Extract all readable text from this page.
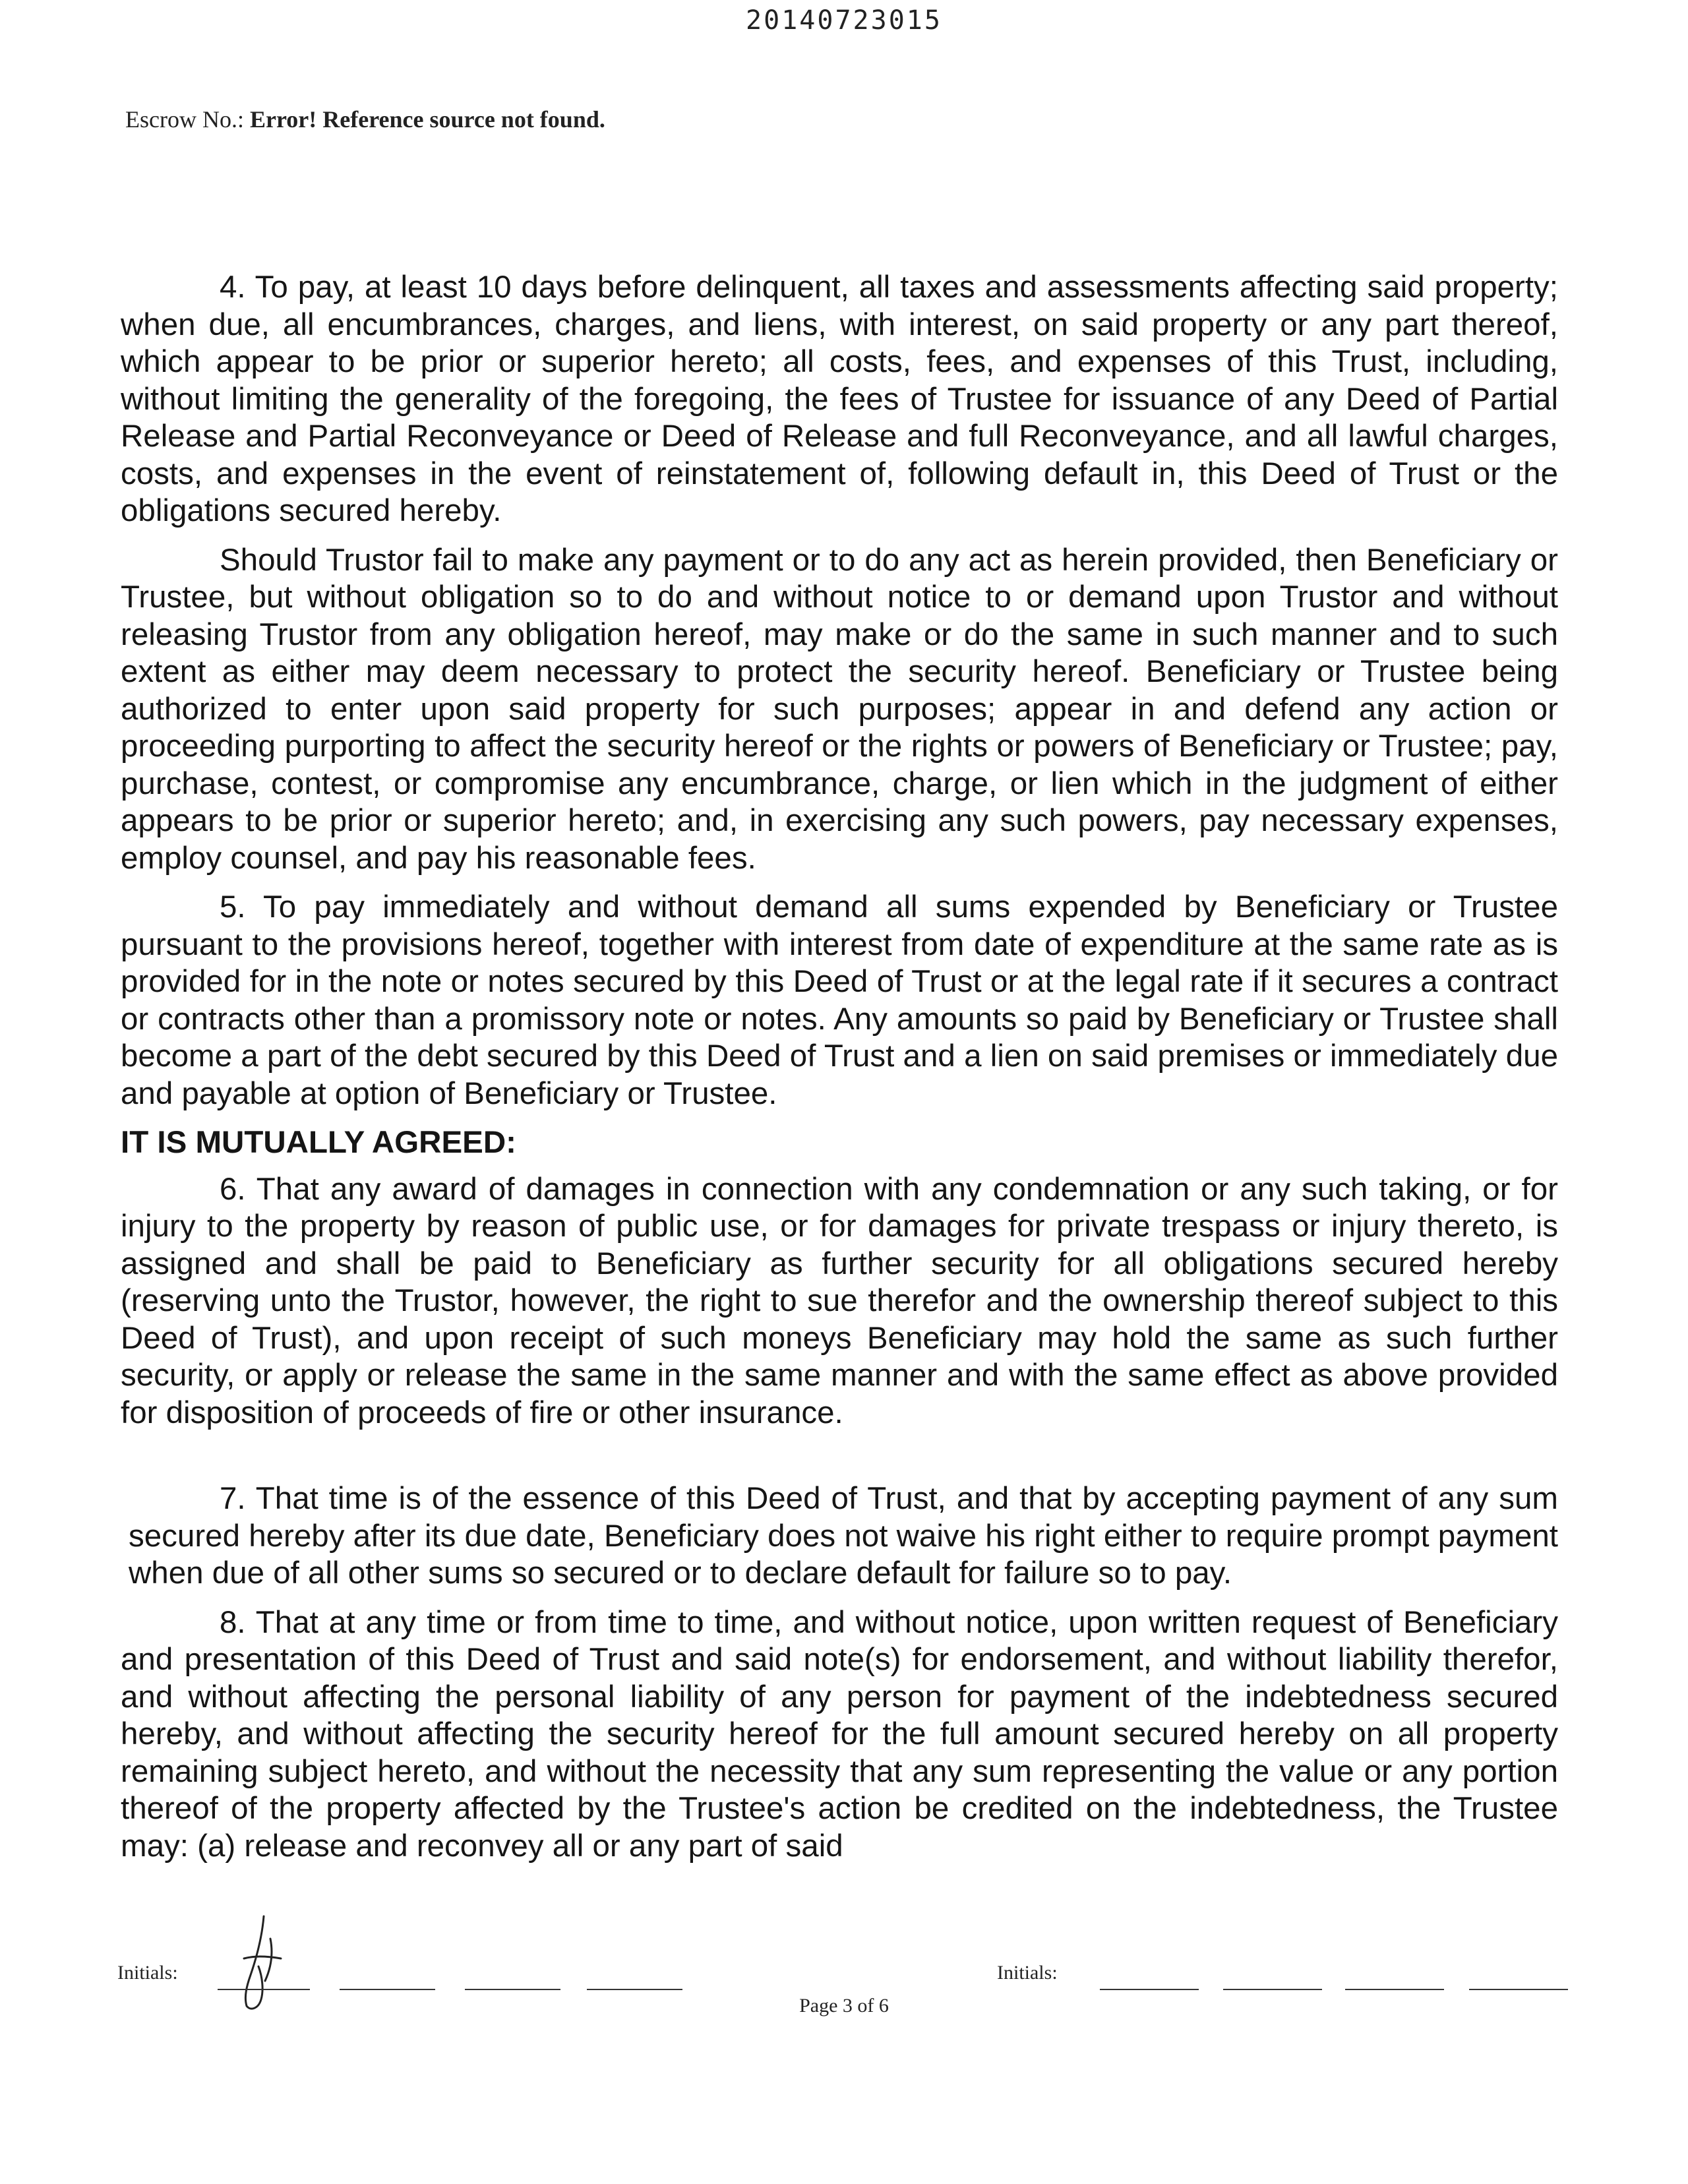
20140723015
Escrow No.: Error! Reference source not found.

4. To pay, at least 10 days before delinquent, all taxes and assessments affecting said property; when due, all encumbrances, charges, and liens, with interest, on said property or any part thereof, which appear to be prior or superior hereto; all costs, fees, and expenses of this Trust, including, without limiting the generality of the foregoing, the fees of Trustee for issuance of any Deed of Partial Release and Partial Reconveyance or Deed of Release and full Reconveyance, and all lawful charges, costs, and expenses in the event of reinstatement of, following default in, this Deed of Trust or the obligations secured hereby.

Should Trustor fail to make any payment or to do any act as herein provided, then Beneficiary or Trustee, but without obligation so to do and without notice to or demand upon Trustor and without releasing Trustor from any obligation hereof, may make or do the same in such manner and to such extent as either may deem necessary to protect the security hereof. Beneficiary or Trustee being authorized to enter upon said property for such purposes; appear in and defend any action or proceeding purporting to affect the security hereof or the rights or powers of Beneficiary or Trustee; pay, purchase, contest, or compromise any encumbrance, charge, or lien which in the judgment of either appears to be prior or superior hereto; and, in exercising any such powers, pay necessary expenses, employ counsel, and pay his reasonable fees.

5. To pay immediately and without demand all sums expended by Beneficiary or Trustee pursuant to the provisions hereof, together with interest from date of expenditure at the same rate as is provided for in the note or notes secured by this Deed of Trust or at the legal rate if it secures a contract or contracts other than a promissory note or notes. Any amounts so paid by Beneficiary or Trustee shall become a part of the debt secured by this Deed of Trust and a lien on said premises or immediately due and payable at option of Beneficiary or Trustee.

IT IS MUTUALLY AGREED:

6. That any award of damages in connection with any condemnation or any such taking, or for injury to the property by reason of public use, or for damages for private trespass or injury thereto, is assigned and shall be paid to Beneficiary as further security for all obligations secured hereby (reserving unto the Trustor, however, the right to sue therefor and the ownership thereof subject to this Deed of Trust), and upon receipt of such moneys Beneficiary may hold the same as such further security, or apply or release the same in the same manner and with the same effect as above provided for disposition of proceeds of fire or other insurance.

7. That time is of the essence of this Deed of Trust, and that by accepting payment of any sum secured hereby after its due date, Beneficiary does not waive his right either to require prompt payment when due of all other sums so secured or to declare default for failure so to pay.

8. That at any time or from time to time, and without notice, upon written request of Beneficiary and presentation of this Deed of Trust and said note(s) for endorsement, and without liability therefor, and without affecting the personal liability of any person for payment of the indebtedness secured hereby, and without affecting the security hereof for the full amount secured hereby on all property remaining subject hereto, and without the necessity that any sum representing the value or any portion thereof of the property affected by the Trustee's action be credited on the indebtedness, the Trustee may: (a) release and reconvey all or any part of said

Initials:	Initials:
Page 3 of 6
